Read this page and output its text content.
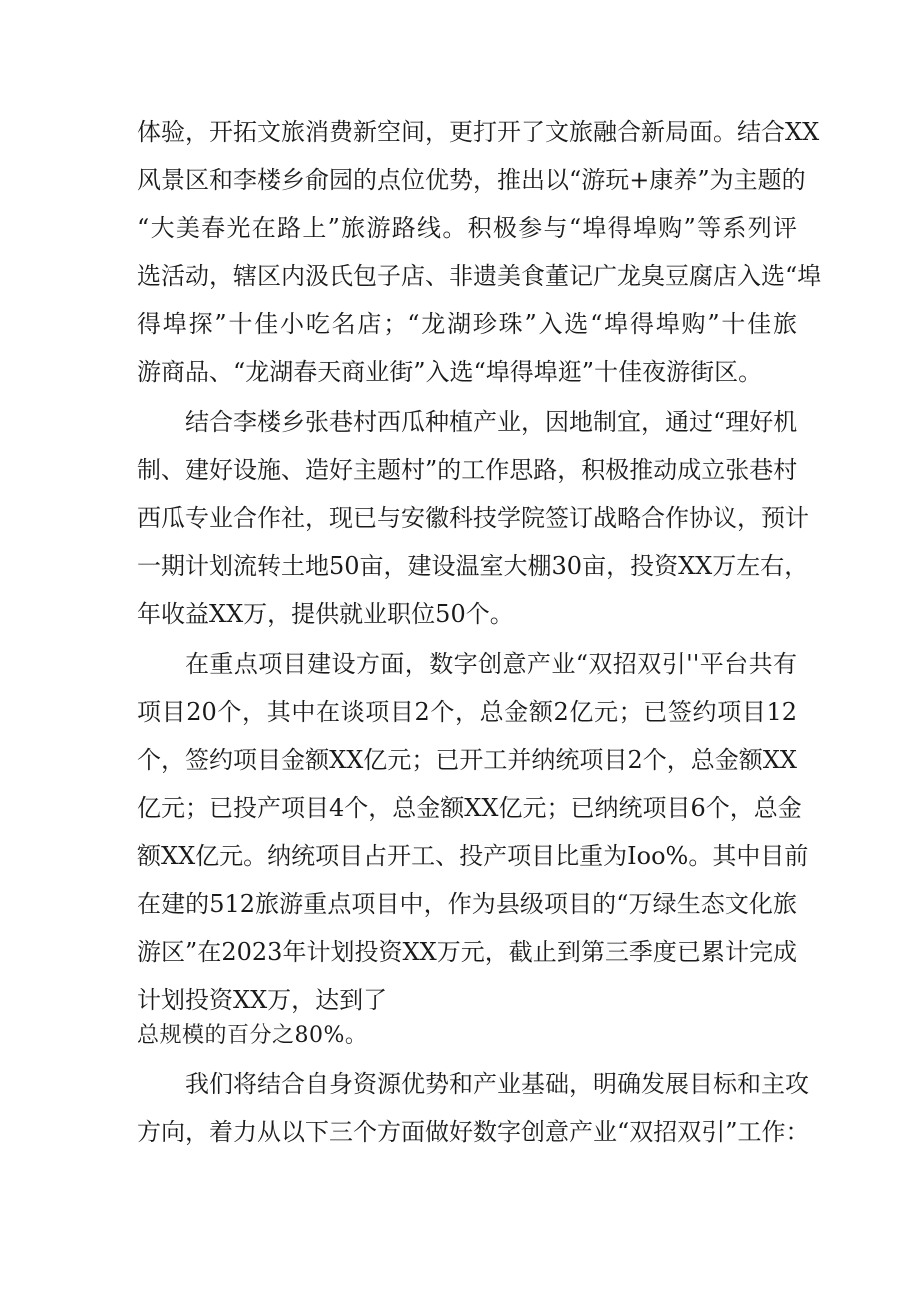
体验，开拓文旅消费新空间，更打开了文旅融合新局面。结合XX
风景区和李楼乡俞园的点位优势，推出以“游玩+康养”为主题的
“大美春光在路上”旅游路线。积极参与“埠得埠购”等系列评
选活动，辖区内汲氏包子店、非遗美食董记广龙臭豆腐店入选“埠
得埠探”十佳小吃名店；“龙湖珍珠”入选“埠得埠购”十佳旅
游商品、“龙湖春天商业街”入选“埠得埠逛”十佳夜游街区。
结合李楼乡张巷村西瓜种植产业，因地制宜，通过“理好机
制、建好设施、造好主题村”的工作思路，积极推动成立张巷村
西瓜专业合作社，现已与安徽科技学院签订战略合作协议，预计
一期计划流转土地50亩，建设温室大棚30亩，投资XX万左右，
年收益XX万，提供就业职位50个。
在重点项目建设方面，数字创意产业“双招双引''平台共有
项目20个，其中在谈项目2个，总金额2亿元；已签约项目12
个，签约项目金额XX亿元；已开工并纳统项目2个，总金额XX
亿元；已投产项目4个，总金额XX亿元；已纳统项目6个，总金
额XX亿元。纳统项目占开工、投产项目比重为Ioo%。其中目前
在建的512旅游重点项目中，作为县级项目的“万绿生态文化旅
游区”在2023年计划投资XX万元，截止到第三季度已累计完成
计划投资XX万，达到了
总规模的百分之80%。
我们将结合自身资源优势和产业基础，明确发展目标和主攻
方向，着力从以下三个方面做好数字创意产业“双招双引”工作：
